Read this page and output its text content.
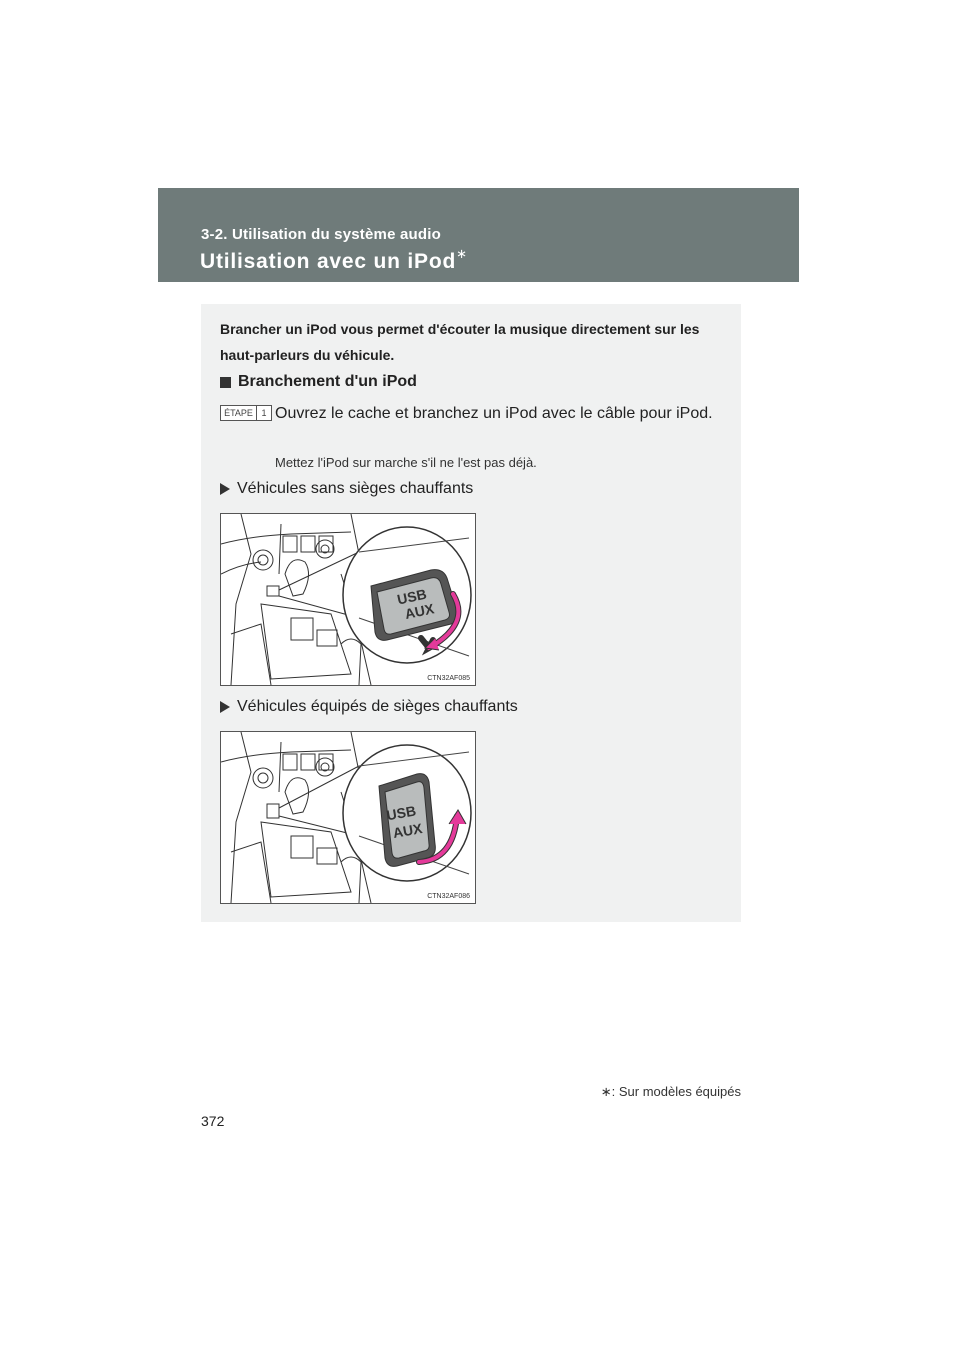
3-2. Utilisation du système audio
Utilisation avec un iPod∗
Brancher un iPod vous permet d'écouter la musique directement sur les haut-parleurs du véhicule.
Branchement d'un iPod
ÉTAPE 1 Ouvrez le cache et branchez un iPod avec le câble pour iPod.
Mettez l'iPod sur marche s'il ne l'est pas déjà.
Véhicules sans sièges chauffants
USB
AUX
CTN32AF085
Véhicules équipés de sièges chauffants
USB
AUX
CTN32AF086
∗: Sur modèles équipés
372
